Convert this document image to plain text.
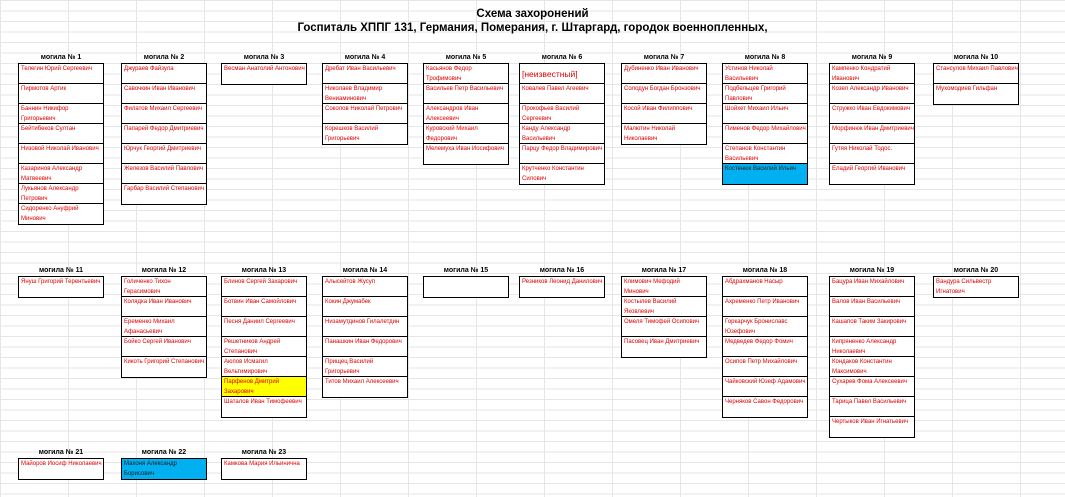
Схема захоронений
Госпиталь ХППГ 131, Германия, Померания, г. Штаргард, городок военнопленных,
могила № 1
Телегин Юрий Сергеевич
Пирмотов Артик
Баннин Никифор Григорьевич
Бейтибеков Султан
Низовой Николай Иванович
Казаринов Александр Матвеевич
Лукьянов Александр Петрович
Сидоренко Ануфрий Минович
могила № 2
Джураев Файзула
Савочкин Иван Иванович
Филатов Михаил Сергеевич
Папарей Федор Дмитриевич
Юрчук Георгий Дмитриевич
Железов Василий Павлович
Гарбар Василий Степанович
могила № 3
Весман Анатолий Антонович
могила № 4
Дребат Иван Васильевич
Николаев Владимир Вениаминович
Соколов Николай Петрович
Корешков Василий Григорьевич
могила № 5
Касьянов Федор Трофимович
Васильев Петр Васильевич
Александров Иван Алексеевич
Куровский Михаил Федорович
Мелемуха Иван Иосифович
могила № 6
[неизвестный]
Ковалев Павел Агеевич
Прокофьев Василий Сергеевич
Канду Александр Васильевич
Парцу Федор Владимирович
Крутченко Константин Силович
могила № 7
Дубиненко Иван Иванович
Солодун Богдан Бронзович
Косой Иван Филиппович
Малютин Николай Николаевич
могила № 8
Устинов Николай Васильевич
Подбельцев Григорий Павлович
Шойхет Михаил Ильич
Пименов Федор Михайлович
Степанов Константин Васильевич
Костенюк Василий Ильич
могила № 9
Кампенко Кондратий Иванович
Козел Александр Иванович
Стружко Иван Евдокимович
Морфинюк Иван Дмитриевич
Гутяя Николай Тодос.
Еладий Георгий Иванович
могила № 10
Стансулов Михаил Павлович
Мухомодиев Гильфан
могила № 11
Януш Григорий Терентьевич
могила № 12
Голиченко Тихон Герасимович
Колядка Иван Иванович
Еременко Михаил Афанасьевич
Бойко Сергей Иванович
Кикоть Григорий Степанович
могила № 13
Блинов Сергей Захарович
Ботвин Иван Самойлович
Песня Даниил Сергеевич
Решетников Андрей Степанович
Аюпов Исмагил Вельтимирович
Парфенов Дмитрий Захарович
Шаталов Иван Тимофеевич
могила № 14
Алысейтов Жусуп
Кокин Джумабек
Низамутдинов Гилалетдин
Панашкин Иван Федорович
Прищец Василий Григорьевич
Титов Михаил Алексеевич
могила № 15	могила № 16
Резников Леонид Данилович
могила № 17
Климович Мефодий Минович
Костылев Василий Яковлевич
Омеля Тимофей Осипович
Пасовец Иван Дмитриевич
могила № 18
Абдрахманов Насыр
Ахременко Петр Иванович
Горкарчук Брониславс Юзефович
Медведев Федор Фомич
Осипов Петр Михайлович
Чайковский Юзеф Адамович
Черняков Савон Федорович
могила № 19
Бацура Иван Михайлович
Валов Иван Васильевич
Кашапов Таким Закирович
Кипряненко Александр Николаевич
Кондаков Константин Максимович
Сухарев Фома Алексеевич
Тарица Павел Васильевич
Чертыков Иван Игнатьевич
могила № 20
Вандура Сильвестр Игнатович
могила № 21
Майоров Иосиф Николаевич
могила № 22
Махоня Александр Борисович
могила № 23
Камкова Мария Ильинична
